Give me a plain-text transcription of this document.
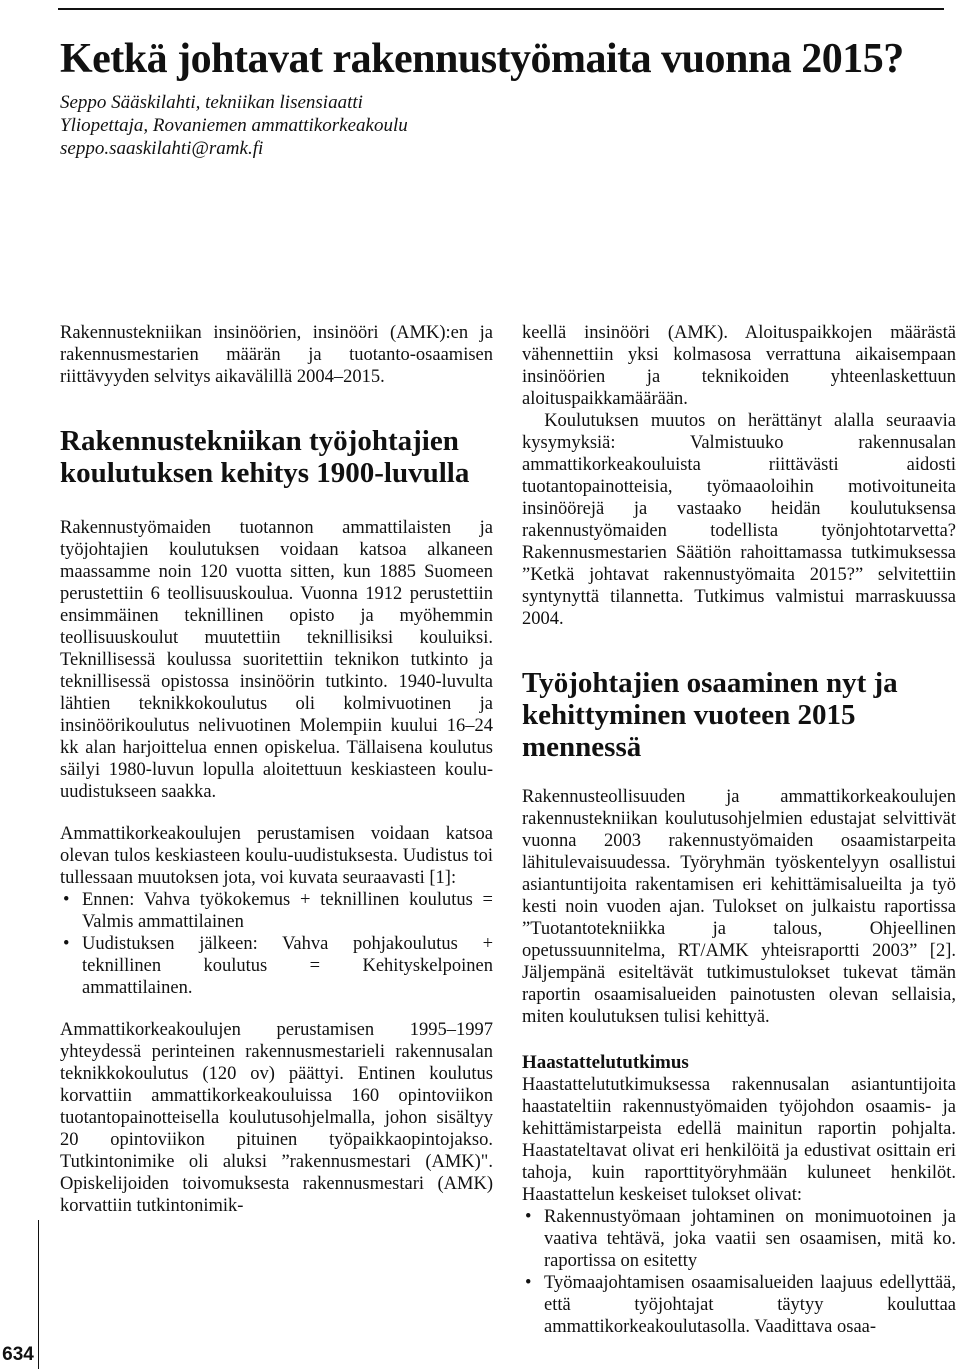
634
Ketkä johtavat rakennustyömaita vuonna 2015?
Seppo Sääskilahti, tekniikan lisensiaatti
Yliopettaja, Rovaniemen ammattikorkeakoulu
seppo.saaskilahti@ramk.fi

Rakennustekniikan insinöörien, insinööri (AMK):en ja rakennusmestarien määrän ja tuotanto-osaamisen riittävyyden selvitys aikavälillä 2004–2015.

Rakennustekniikan työjohtajien koulutuksen kehitys 1900-luvulla

Rakennustyömaiden tuotannon ammattilaisten ja työjohtajien koulutuksen voidaan katsoa alkaneen maassamme noin 120 vuotta sitten, kun 1885 Suomeen perustettiin 6 teollisuuskoulua. Vuonna 1912 perustettiin ensimmäinen teknillinen opisto ja myöhemmin teollisuuskoulut muutettiin teknillisiksi kouluiksi. Teknillisessä koulussa suoritettiin teknikon tutkinto ja teknillisessä opistossa insinöörin tutkinto. 1940-luvulta lähtien teknikkokoulutus oli kolmivuotinen ja insinöörikoulutus nelivuotinen Molempiin kuului 16–24 kk alan harjoittelua ennen opiskelua. Tällaisena koulutus säilyi 1980-luvun lopulla aloitettuun keskiasteen koulu-uudistukseen saakka.

Ammattikorkeakoulujen perustamisen voidaan katsoa olevan tulos keskiasteen koulu-uudistuksesta. Uudistus toi tullessaan muutoksen jota, voi kuvata seuraavasti [1]:

• Ennen: Vahva työkokemus + teknillinen koulutus = Valmis ammattilainen
• Uudistuksen jälkeen: Vahva pohjakoulutus + teknillinen koulutus = Kehityskelpoinen ammattilainen.

Ammattikorkeakoulujen perustamisen 1995–1997 yhteydessä perinteinen rakennusmestarieli rakennusalan teknikkokoulutus (120 ov) päättyi. Entinen koulutus korvattiin ammattikorkeakouluissa 160 opintoviikon tuotantopainotteisella koulutusohjelmalla, johon sisältyy 20 opintoviikon pituinen työpaikkaopintojakso. Tutkintonimike oli aluksi ”rakennusmestari (AMK)". Opiskelijoiden toivomuksesta rakennusmestari (AMK) korvattiin tutkintonimik-

keellä insinööri (AMK). Aloituspaikkojen määrästä vähennettiin yksi kolmasosa verrattuna aikaisempaan insinöörien ja teknikoiden yhteenlaskettuun aloituspaikkamäärään.

Koulutuksen muutos on herättänyt alalla seuraavia kysymyksiä: Valmistuuko rakennusalan ammattikorkeakouluista riittävästi aidosti tuotantopainotteisia, työmaaoloihin motivoituneita insinöörejä ja vastaako heidän koulutuksensa rakennustyömaiden todellista työnjohtotarvetta? Rakennusmestarien Säätiön rahoittamassa tutkimuksessa ”Ketkä johtavat rakennustyömaita 2015?” selvitettiin syntynyttä tilannetta. Tutkimus valmistui marraskuussa 2004.

Työjohtajien osaaminen nyt ja kehittyminen vuoteen 2015 mennessä

Rakennusteollisuuden ja ammattikorkeakoulujen rakennustekniikan koulutusohjelmien edustajat selvittivät vuonna 2003 rakennustyömaiden osaamistarpeita lähitulevaisuudessa. Työryhmän työskentelyyn osallistui asiantuntijoita rakentamisen eri kehittämisalueilta ja työ kesti noin vuoden ajan. Tulokset on julkaistu raportissa ”Tuotantotekniikka ja talous, Ohjeellinen opetussuunnitelma, RT/AMK yhteisraportti 2003” [2]. Jäljempänä esiteltävät tutkimustulokset tukevat tämän raportin osaamisalueiden painotusten olevan sellaisia, miten koulutuksen tulisi kehittyä.

Haastattelututkimus

Haastattelututkimuksessa rakennusalan asiantuntijoita haastateltiin rakennustyömaiden työjohdon osaamis- ja kehittämistarpeista edellä mainitun raportin pohjalta. Haastateltavat olivat eri henkilöitä ja edustivat osittain eri tahoja, kuin raporttityöryhmään kuluneet henkilöt. Haastattelun keskeiset tulokset olivat:

• Rakennustyömaan johtaminen on monimuotoinen ja vaativa tehtävä, joka vaatii sen osaamisen, mitä ko. raportissa on esitetty
• Työmaajohtamisen osaamisalueiden laajuus edellyttää, että työjohtajat täytyy kouluttaa ammattikorkeakoulutasolla. Vaadittava osaa-
